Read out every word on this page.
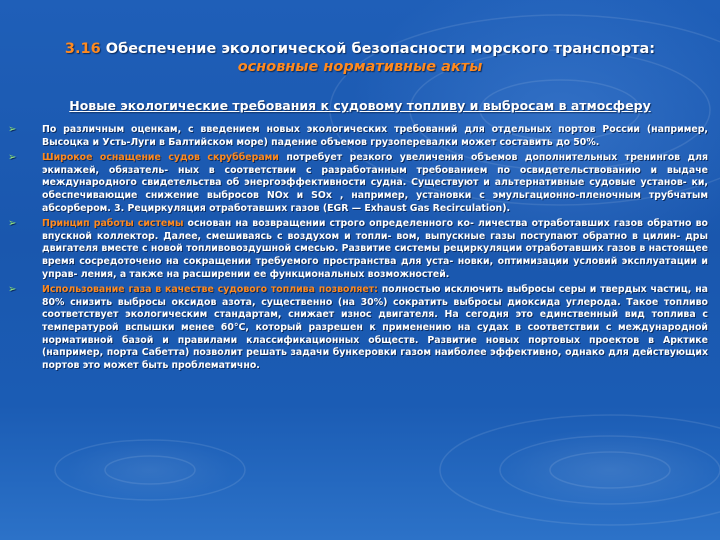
3.16 Обеспечение экологической безопасности морского транспорта:
основные нормативные акты
Новые экологические требования к судовому топливу и выбросам в атмосферу
➢	По различным оценкам, с введением новых экологических требований для отдельных портов России (например, Высоцка и Усть-Луги в Балтийском море) падение объемов грузоперевалки может составить до 50%.
➢	Широкое оснащение судов скрубберами потребует резкого увеличения объемов дополнительных тренингов для экипажей, обязатель- ных в соответствии с разработанным требованием по освидетельствованию и выдаче международного свидетельства об энергоэффективности судна. Существуют и альтернативные судовые установ- ки, обеспечивающие снижение выбросов NOx и SOx , например, установки с эмульгационно-пленочным трубчатым абсорбером. 3. Рециркуляция отработавших газов (EGR — Exhaust Gas Recirculation).
➢	Принцип работы системы основан на возвращении строго определенного ко- личества отработавших газов обратно во впускной коллектор. Далее, смешиваясь с воздухом и топли- вом, выпускные газы поступают обратно в цилин- дры двигателя вместе с новой топливовоздушной смесью. Развитие системы рециркуляции отработавших газов в настоящее время сосредоточено на сокращении требуемого пространства для уста- новки, оптимизации условий эксплуатации и управ- ления, а также на расширении ее функциональных возможностей.
➢	Использование газа в качестве судового топлива позволяет: полностью исключить выбросы серы и твердых частиц, на 80% снизить выбросы оксидов азота, существенно (на 30%) сократить выбросы диоксида углерода. Такое топливо соответствует экологическим стандартам, снижает износ двигателя. На сегодня это единственный вид топлива с температурой вспышки менее 60°С, который разрешен к применению на судах в соответствии с международной нормативной базой и правилами классификационных обществ. Развитие новых портовых проектов в Арктике (например, порта Сабетта) позволит решать задачи бункеровки газом наиболее эффективно, однако для действующих портов это может быть проблематично.
